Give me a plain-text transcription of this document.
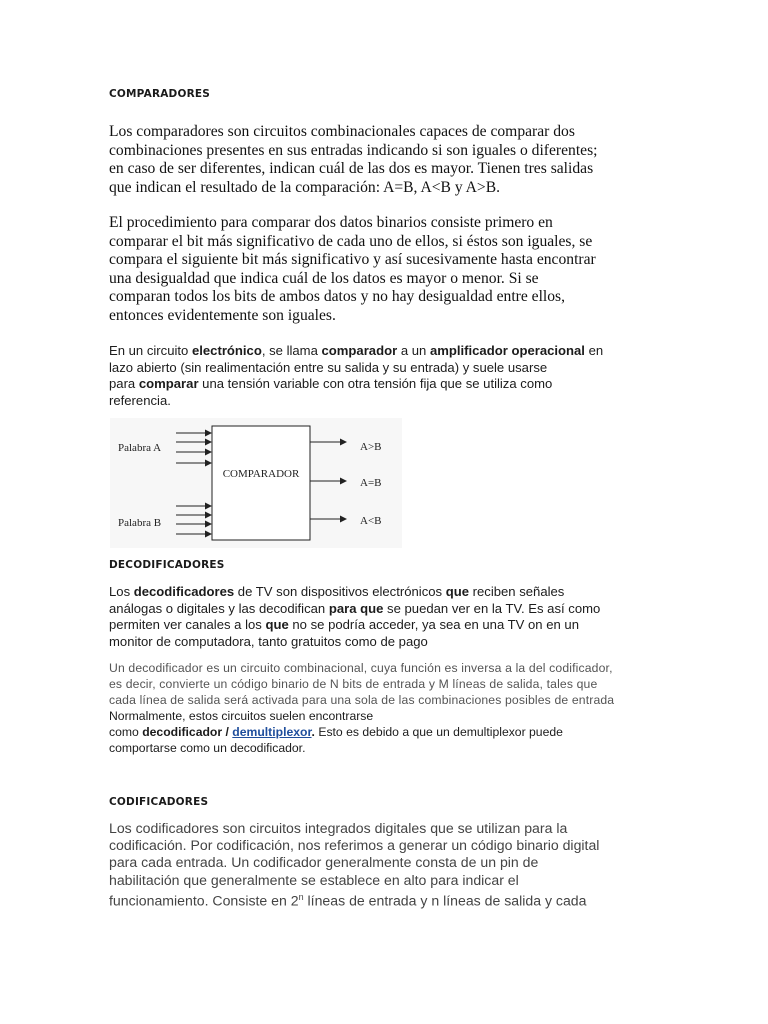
COMPARADORES
Los comparadores son circuitos combinacionales capaces de comparar dos
combinaciones presentes en sus entradas indicando si son iguales o diferentes;
en caso de ser diferentes, indican cuál de las dos es mayor. Tienen tres salidas
que indican el resultado de la comparación: A=B, A<B y A>B.
El procedimiento para comparar dos datos binarios consiste primero en
comparar el bit más significativo de cada uno de ellos, si éstos son iguales, se
compara el siguiente bit más significativo y así sucesivamente hasta encontrar
una desigualdad que indica cuál de los datos es mayor o menor. Si se
comparan todos los bits de ambos datos y no hay desigualdad entre ellos,
entonces evidentemente son iguales.
En un circuito electrónico, se llama comparador a un amplificador operacional en
lazo abierto (sin realimentación entre su salida y su entrada) y suele usarse
para comparar una tensión variable con otra tensión fija que se utiliza como
referencia.
COMPARADOR
Palabra A
Palabra B
A>B
A=B
A<B
DECODIFICADORES
Los decodificadores de TV son dispositivos electrónicos que reciben señales
análogas o digitales y las decodifican para que se puedan ver en la TV. Es así como
permiten ver canales a los que no se podría acceder, ya sea en una TV on en un
monitor de computadora, tanto gratuitos como de pago
Un decodificador es un circuito combinacional, cuya función es inversa a la del codificador,
es decir, convierte un código binario de N bits de entrada y M líneas de salida, tales que
cada línea de salida será activada para una sola de las combinaciones posibles de entrada
Normalmente, estos circuitos suelen encontrarse
como decodificador / demultiplexor. Esto es debido a que un demultiplexor puede
comportarse como un decodificador.
CODIFICADORES
Los codificadores son circuitos integrados digitales que se utilizan para la
codificación. Por codificación, nos referimos a generar un código binario digital
para cada entrada. Un codificador generalmente consta de un pin de
habilitación que generalmente se establece en alto para indicar el
funcionamiento. Consiste en 2$^n$ líneas de entrada y n líneas de salida y cada
